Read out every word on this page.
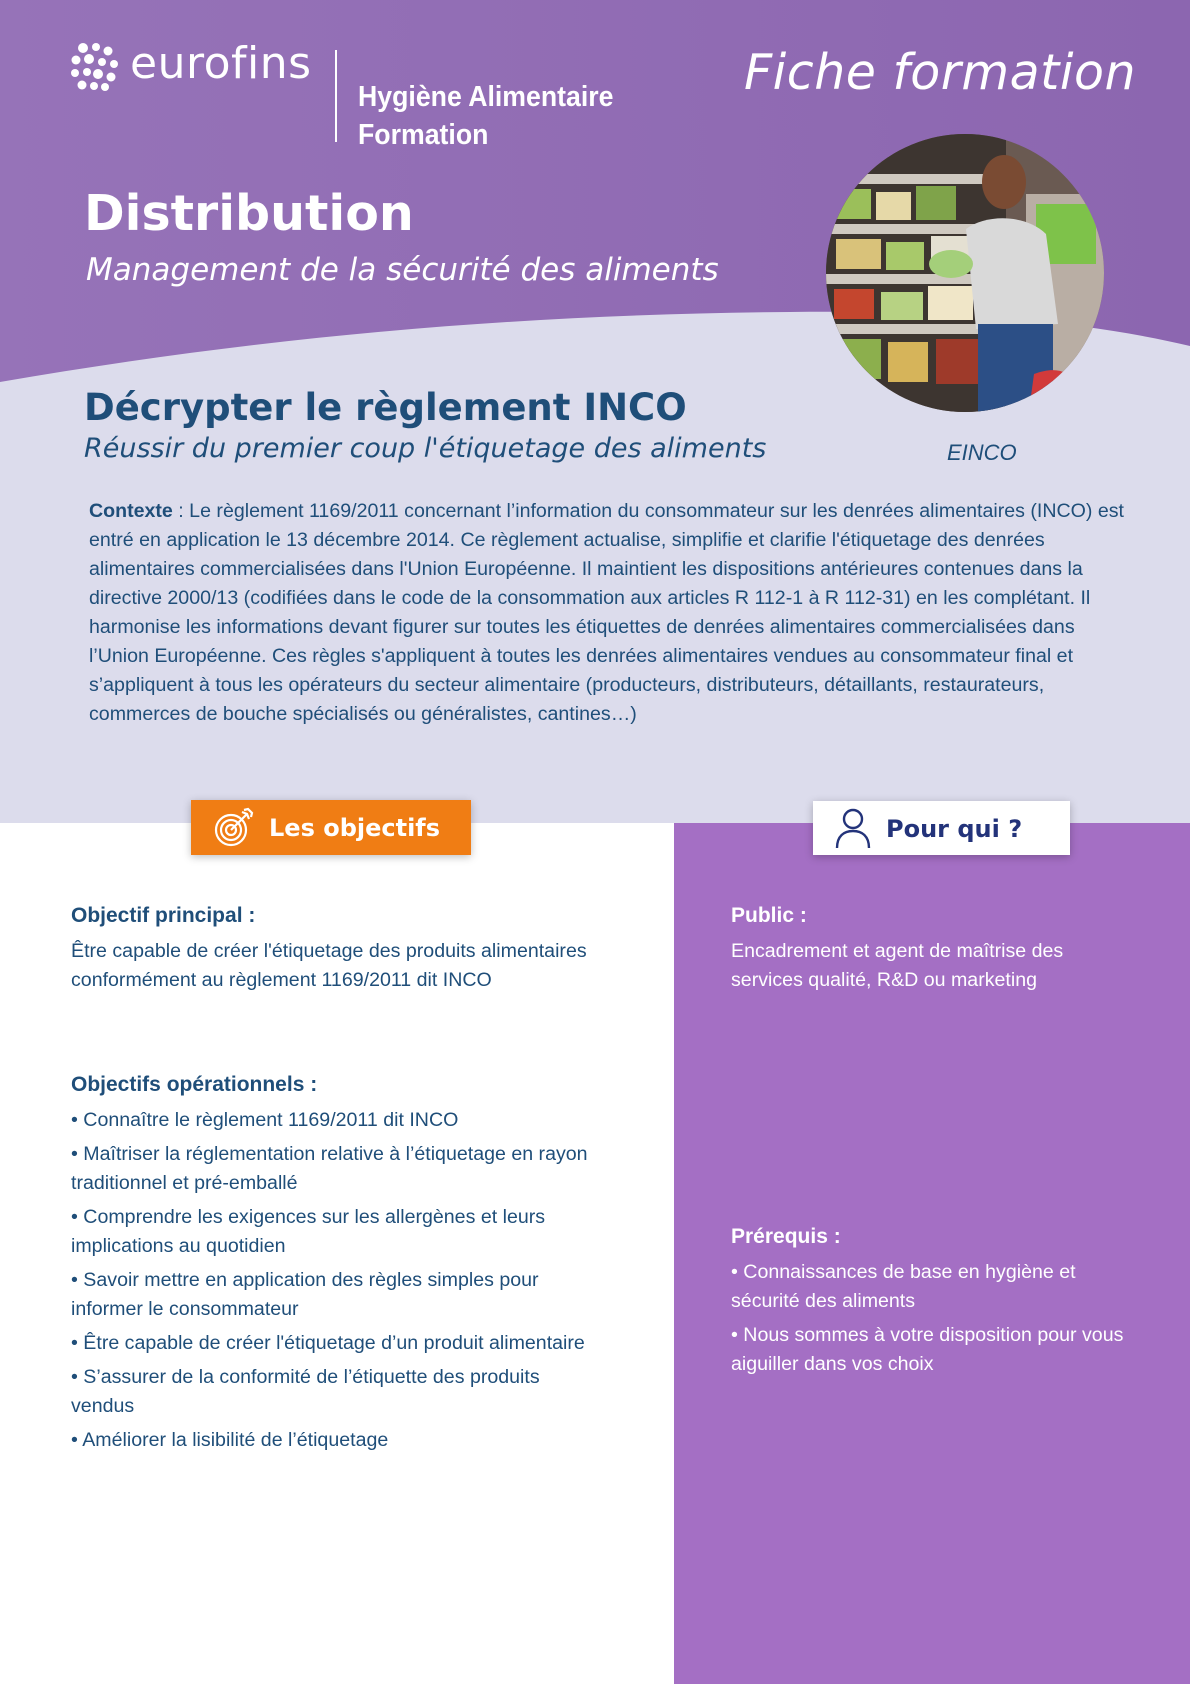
eurofins
Hygiène Alimentaire
Formation
Fiche formation
Distribution
Management de la sécurité des aliments
Décrypter le règlement INCO
Réussir du premier coup l'étiquetage des aliments	EINCO
Contexte : Le règlement 1169/2011 concernant l’information du consommateur sur les denrées alimentaires (INCO) est entré en application le 13 décembre 2014. Ce règlement actualise, simplifie et clarifie l'étiquetage des denrées alimentaires commercialisées dans l'Union Européenne. Il maintient les dispositions antérieures contenues dans la directive 2000/13 (codifiées dans le code de la consommation aux articles R 112-1 à R 112-31) en les complétant. Il harmonise les informations devant figurer sur toutes les étiquettes de denrées alimentaires commercialisées dans l’Union Européenne. Ces règles s'appliquent à toutes les denrées alimentaires vendues au consommateur final et s’appliquent à tous les opérateurs du secteur alimentaire (producteurs, distributeurs, détaillants, restaurateurs, commerces de bouche spécialisés ou généralistes, cantines…)
Les objectifs	Pour qui ?
Objectif principal :
Être capable de créer l'étiquetage des produits alimentaires conformément au règlement 1169/2011 dit INCO
Objectifs opérationnels :
• Connaître le règlement 1169/2011 dit INCO
• Maîtriser la réglementation relative à l’étiquetage en rayon traditionnel et pré-emballé
• Comprendre les exigences sur les allergènes et leurs implications au quotidien
• Savoir mettre en application des règles simples pour informer le consommateur
• Être capable de créer l'étiquetage d’un produit alimentaire
• S’assurer de la conformité de l’étiquette des produits vendus
• Améliorer la lisibilité de l’étiquetage
Public :
Encadrement et agent de maîtrise des services qualité, R&D ou marketing
Prérequis :
• Connaissances de base en hygiène et sécurité des aliments
• Nous sommes à votre disposition pour vous aiguiller dans vos choix
